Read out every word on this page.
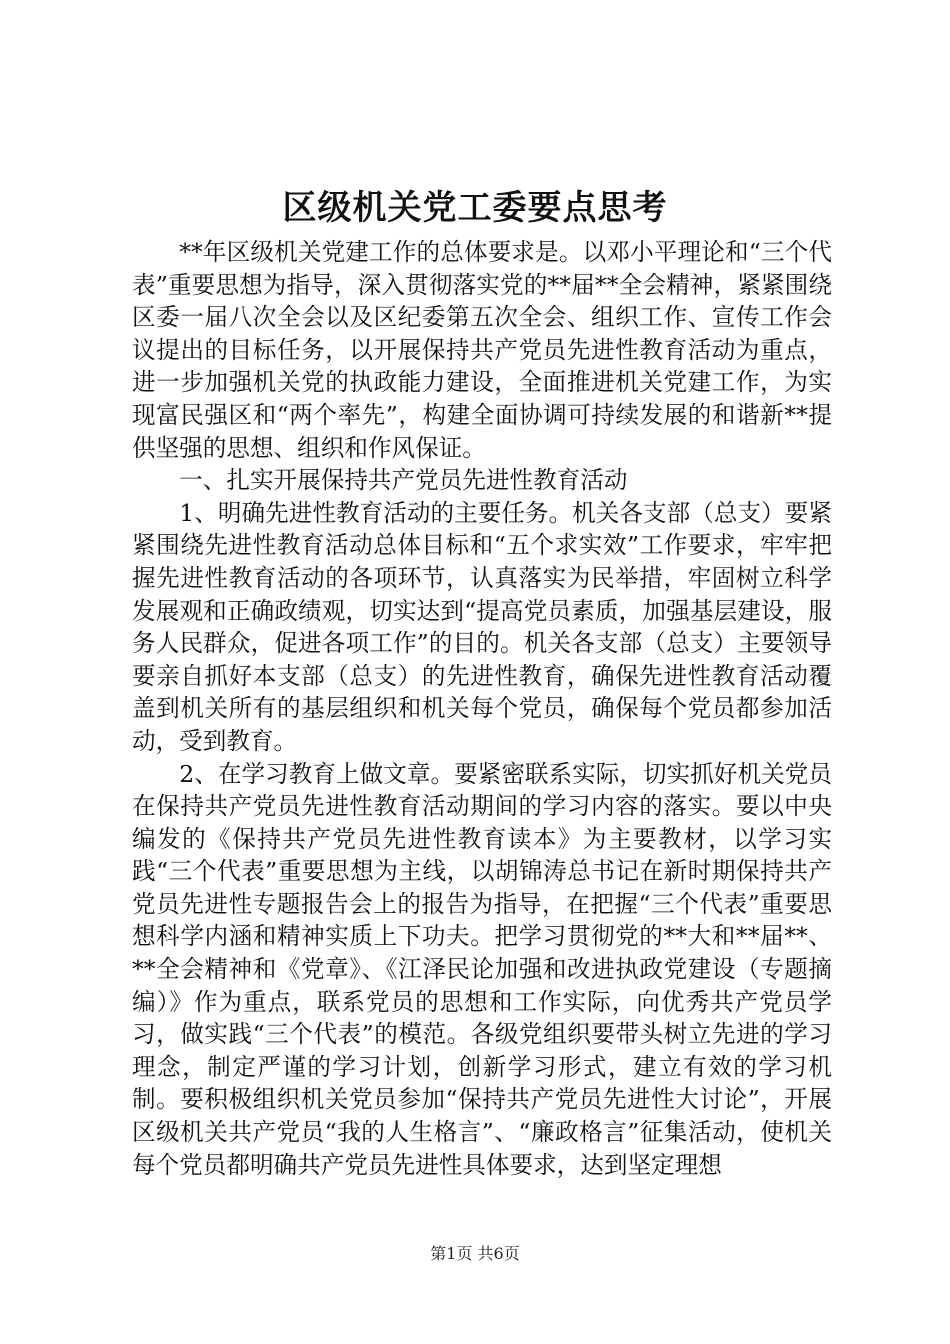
区级机关党工委要点思考

**年区级机关党建工作的总体要求是。以邓小平理论和“三个代表”重要思想为指导，深入贯彻落实党的**届**全会精神，紧紧围绕区委一届八次全会以及区纪委第五次全会、组织工作、宣传工作会议提出的目标任务，以开展保持共产党员先进性教育活动为重点，进一步加强机关党的执政能力建设，全面推进机关党建工作，为实现富民强区和“两个率先”，构建全面协调可持续发展的和谐新**提供坚强的思想、组织和作风保证。

一、扎实开展保持共产党员先进性教育活动

1、明确先进性教育活动的主要任务。机关各支部（总支）要紧紧围绕先进性教育活动总体目标和“五个求实效”工作要求，牢牢把握先进性教育活动的各项环节，认真落实为民举措，牢固树立科学发展观和正确政绩观，切实达到“提高党员素质，加强基层建设，服务人民群众，促进各项工作”的目的。机关各支部（总支）主要领导要亲自抓好本支部（总支）的先进性教育，确保先进性教育活动覆盖到机关所有的基层组织和机关每个党员，确保每个党员都参加活动，受到教育。

2、在学习教育上做文章。要紧密联系实际，切实抓好机关党员在保持共产党员先进性教育活动期间的学习内容的落实。要以中央编发的《保持共产党员先进性教育读本》为主要教材，以学习实践“三个代表”重要思想为主线，以胡锦涛总书记在新时期保持共产党员先进性专题报告会上的报告为指导，在把握“三个代表”重要思想科学内涵和精神实质上下功夫。把学习贯彻党的**大和**届**、**全会精神和《党章》、《江泽民论加强和改进执政党建设（专题摘编）》作为重点，联系党员的思想和工作实际，向优秀共产党员学习，做实践“三个代表”的模范。各级党组织要带头树立先进的学习理念，制定严谨的学习计划，创新学习形式，建立有效的学习机制。要积极组织机关党员参加“保持共产党员先进性大讨论”，开展区级机关共产党员“我的人生格言”、“廉政格言”征集活动，使机关每个党员都明确共产党员先进性具体要求，达到坚定理想

第1页 共6页
